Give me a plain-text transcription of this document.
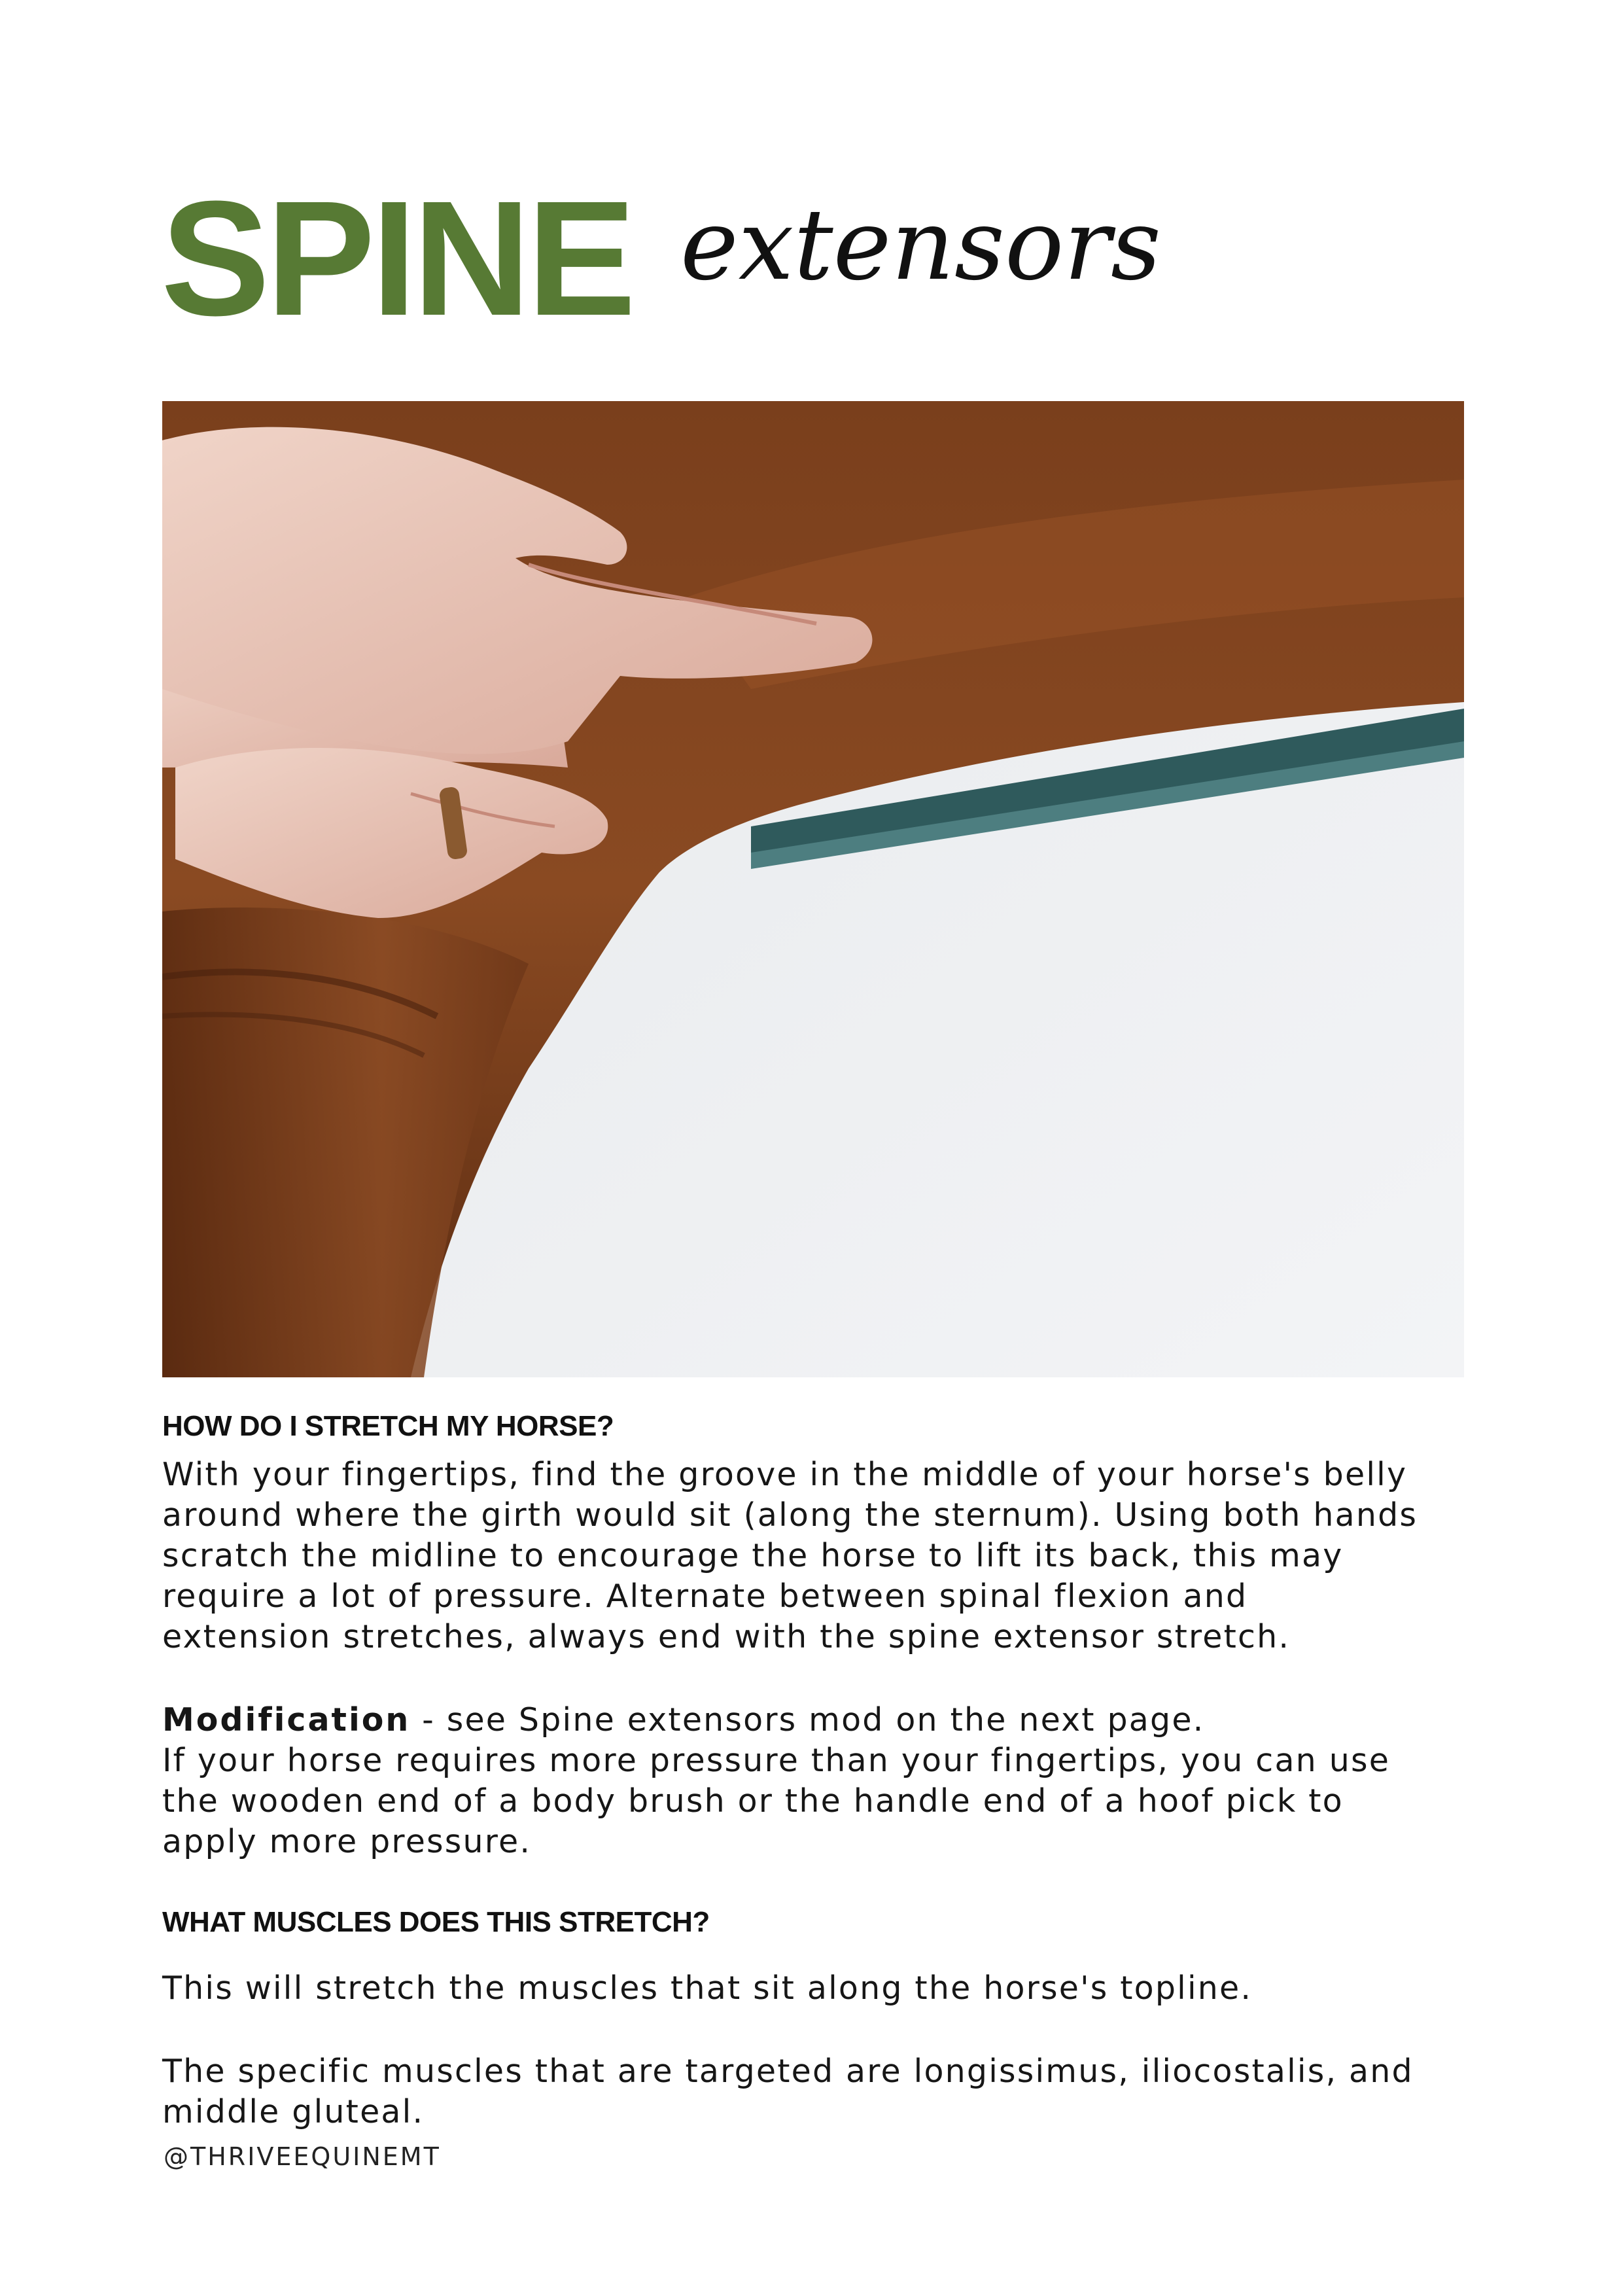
SPINE extensors
HOW DO I STRETCH MY HORSE?

With your fingertips, find the groove in the middle of your horse's belly
around where the girth would sit (along the sternum). Using both hands
scratch the midline to encourage the horse to lift its back, this may
require a lot of pressure. Alternate between spinal flexion and
extension stretches, always end with the spine extensor stretch.

Modification - see Spine extensors mod on the next page.
If your horse requires more pressure than your fingertips, you can use
the wooden end of a body brush or the handle end of a hoof pick to
apply more pressure.

WHAT MUSCLES DOES THIS STRETCH?

This will stretch the muscles that sit along the horse's topline.

The specific muscles that are targeted are longissimus, iliocostalis, and
middle gluteal.

@THRIVEEQUINEMT
